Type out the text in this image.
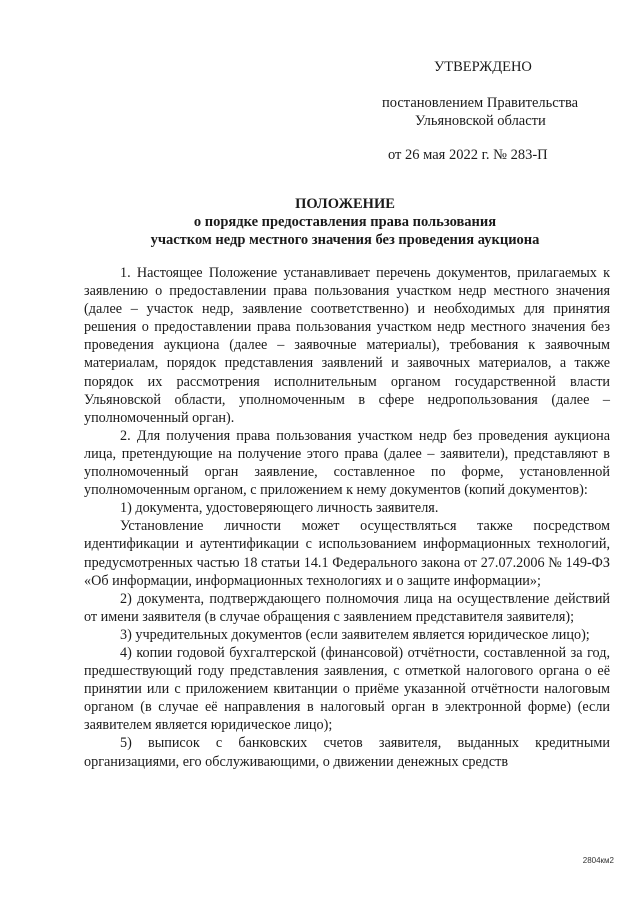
УТВЕРЖДЕНО
постановлением Правительства
Ульяновской области
от 26 мая 2022 г. № 283-П
ПОЛОЖЕНИЕ
о порядке предоставления права пользования
участком недр местного значения без проведения аукциона

1. Настоящее Положение устанавливает перечень документов, прилагаемых к заявлению о предоставлении права пользования участком недр местного значения (далее – участок недр, заявление соответственно) и необходимых для принятия решения о предоставлении права пользования участком недр местного значения без проведения аукциона (далее – заявочные материалы), требования к заявочным материалам, порядок представления заявлений и заявочных материалов, а также порядок их рассмотрения исполнительным органом государственной власти Ульяновской области, уполномоченным в сфере недропользования (далее – уполномоченный орган).

2. Для получения права пользования участком недр без проведения аукциона лица, претендующие на получение этого права (далее – заявители), представляют в уполномоченный орган заявление, составленное по форме, установленной уполномоченным органом, с приложением к нему документов (копий документов):

1) документа, удостоверяющего личность заявителя.

Установление личности может осуществляться также посредством идентификации и аутентификации с использованием информационных технологий, предусмотренных частью 18 статьи 14.1 Федерального закона от 27.07.2006 № 149-ФЗ «Об информации, информационных технологиях и о защите информации»;

2) документа, подтверждающего полномочия лица на осуществление действий от имени заявителя (в случае обращения с заявлением представителя заявителя);

3) учредительных документов (если заявителем является юридическое лицо);

4) копии годовой бухгалтерской (финансовой) отчётности, составленной за год, предшествующий году представления заявления, с отметкой налогового органа о её принятии или с приложением квитанции о приёме указанной отчётности налоговым органом (в случае её направления в налоговый орган в электронной форме) (если заявителем является юридическое лицо);

5) выписок с банковских счетов заявителя, выданных кредитными организациями, его обслуживающими, о движении денежных средств

2804км2
